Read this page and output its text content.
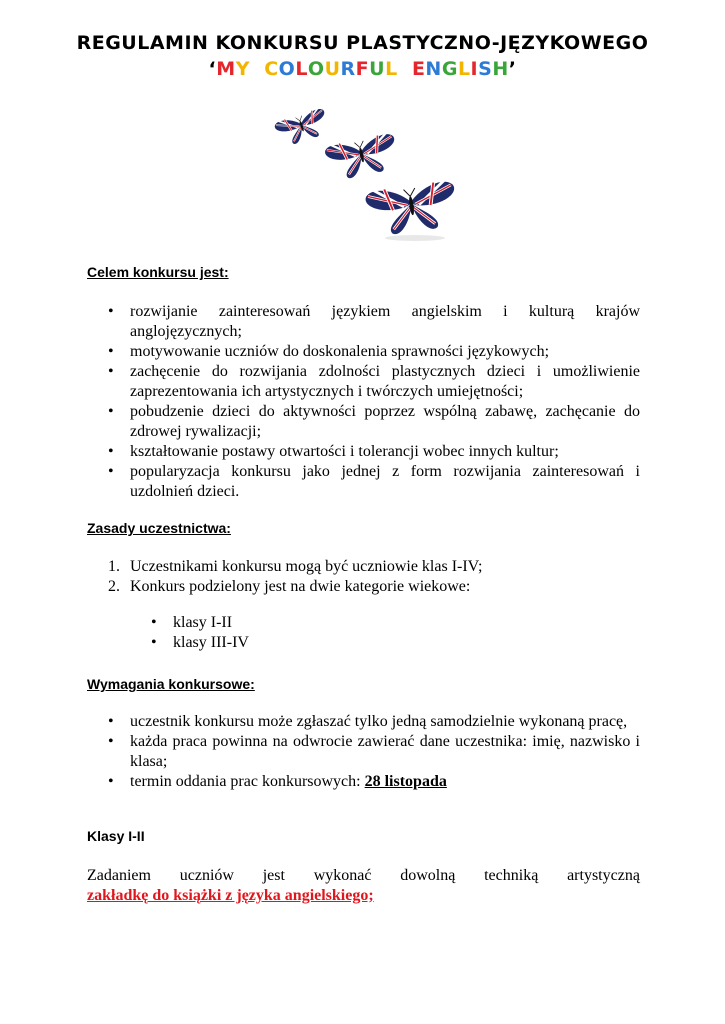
REGULAMIN KONKURSU PLASTYCZNO-JĘZYKOWEGO
‘MY COLOURFUL ENGLISH’
Celem konkursu jest:
• rozwijanie zainteresowań językiem angielskim i kulturą krajów anglojęzycznych;
• motywowanie uczniów do doskonalenia sprawności językowych;
• zachęcenie do rozwijania zdolności plastycznych dzieci i umożliwienie zaprezentowania ich artystycznych i twórczych umiejętności;
• pobudzenie dzieci do aktywności poprzez wspólną zabawę, zachęcanie do zdrowej rywalizacji;
• kształtowanie postawy otwartości i tolerancji wobec innych kultur;
• popularyzacja konkursu jako jednej z form rozwijania zainteresowań i uzdolnień dzieci.
Zasady uczestnictwa:
1. Uczestnikami konkursu mogą być uczniowie klas I-IV;
2. Konkurs podzielony jest na dwie kategorie wiekowe:
• klasy I-II
• klasy III-IV
Wymagania konkursowe:
• uczestnik konkursu może zgłaszać tylko jedną samodzielnie wykonaną pracę,
• każda praca powinna na odwrocie zawierać dane uczestnika: imię, nazwisko i klasa;
• termin oddania prac konkursowych: 28 listopada
Klasy I-II
Zadaniem uczniów jest wykonać dowolną techniką artystyczną
zakładkę do książki z języka angielskiego;
